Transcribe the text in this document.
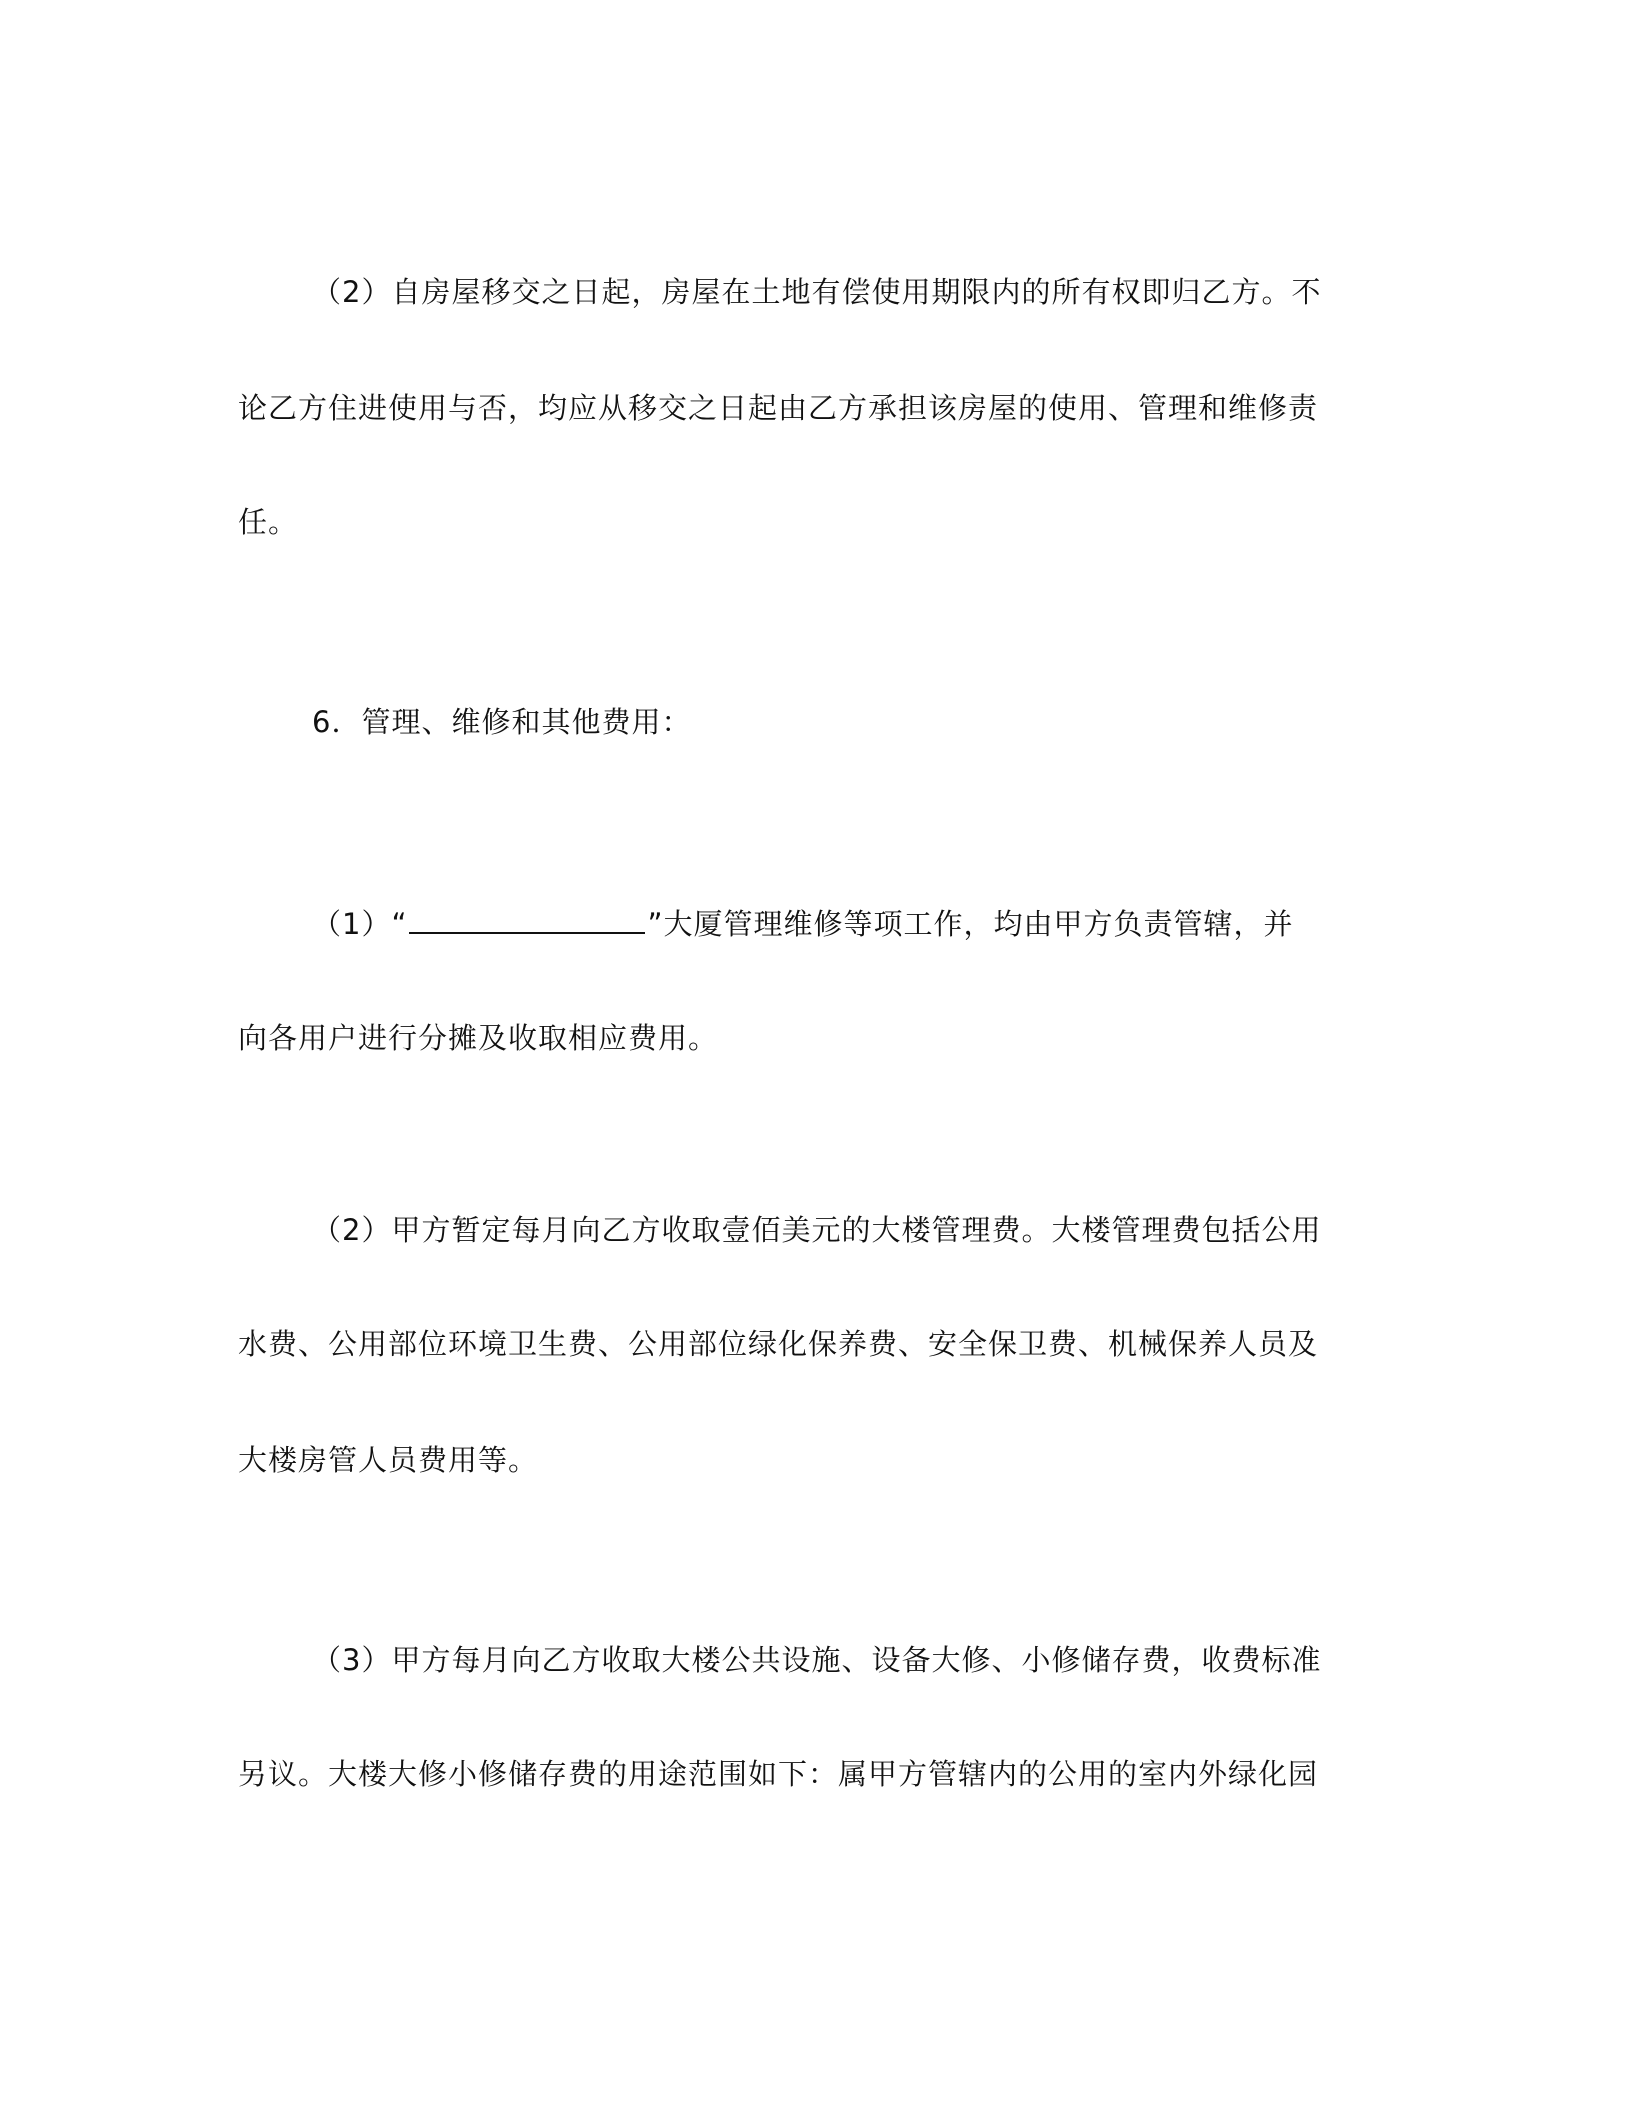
（2）自房屋移交之日起，房屋在土地有偿使用期限内的所有权即归乙方。不
论乙方住进使用与否，均应从移交之日起由乙方承担该房屋的使用、管理和维修责
任。
6．管理、维修和其他费用：
（1）“	”大厦管理维修等项工作，均由甲方负责管辖，并
向各用户进行分摊及收取相应费用。
（2）甲方暂定每月向乙方收取壹佰美元的大楼管理费。大楼管理费包括公用
水费、公用部位环境卫生费、公用部位绿化保养费、安全保卫费、机械保养人员及
大楼房管人员费用等。
（3）甲方每月向乙方收取大楼公共设施、设备大修、小修储存费，收费标准
另议。大楼大修小修储存费的用途范围如下：属甲方管辖内的公用的室内外绿化园
